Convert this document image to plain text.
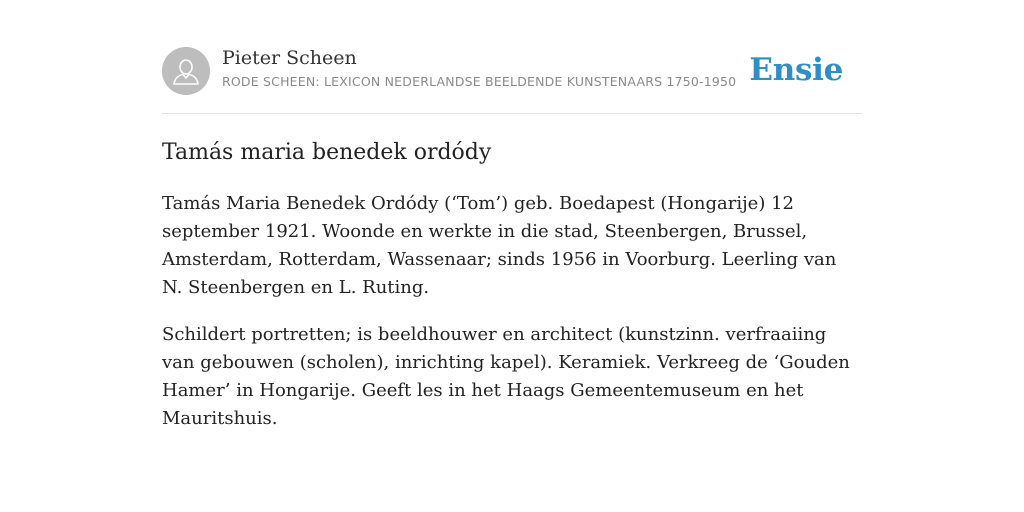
Pieter Scheen
RODE SCHEEN: LEXICON NEDERLANDSE BEELDENDE KUNSTENAARS 1750-1950 Ensie
Tamás maria benedek ordódy

Tamás Maria Benedek Ordódy (‘Tom’) geb. Boedapest (Hongarije) 12 september 1921. Woonde en werkte in die stad, Steenbergen, Brussel, Amsterdam, Rotterdam, Wassenaar; sinds 1956 in Voorburg. Leerling van N. Steenbergen en L. Ruting.

Schildert portretten; is beeldhouwer en architect (kunstzinn. verfraaiing van gebouwen (scholen), inrichting kapel). Keramiek. Verkreeg de ‘Gouden Hamer’ in Hongarije. Geeft les in het Haags Gemeentemuseum en het Mauritshuis.
